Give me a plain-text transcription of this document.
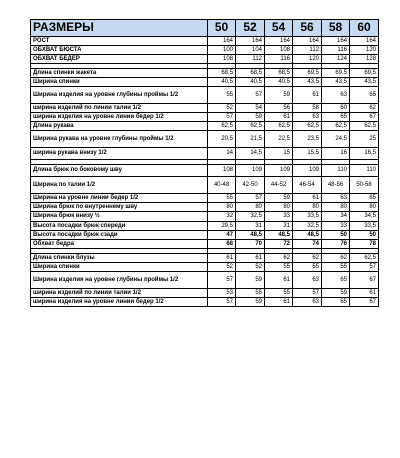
РАЗМЕРЫ	50	52	54	56	58	60
РОСТ	164	164	164	164	164	164
ОБХВАТ БЮСТА	100	104	108	112	116	120
ОБХВАТ БЕДЕР	108	112	116	120	124	128

Длина спинки жакета	68,5	68,5	68,5	69,5	69,5	69,5
Ширина спинки	40,5	40,5	40,5	43,5	43,5	43,5
Ширина изделия на уровне глубины проймы 1/2	55	57	59	61	63	65
ширина изделий по линии талии 1/2	52	54	56	58	60	62
ширина изделия на уровне линии бедер 1/2	57	59	61	63	65	67
Длина рукава	62,5	62,5	62,5	62,5	62,5	62,5
Ширина рукава на уровне глубины проймы 1/2	20,5	21,5	22,5	23,5	24,5	25
ширина рукава внизу 1/2	14	14,5	15	15,5	16	16,5

Длина брюк по боковому шву	108	109	109	109	110	110
Ширина по талии 1/2	40-48	42-50	44-52	46-54	48-56	50-58
Ширина на уровне линии бедер 1/2	55	57	59	61	63	65
Ширина брюк по внутреннему шву	80	80	80	80	80	80
Ширина брюк внизу ½	32	32,5	33	33,5	34	34,5
Высота посадки брюк спереди	29,5	31	31	32,5	33	33,5
Высота посадки брюк сзади	47	48,5	48,5	48,5	50	50
Обхват бедра	68	70	72	74	76	78

Длина спинки блузы	61	61	62	62	62	62,5
Ширина спинки	52	52	55	55	55	57
Ширина изделия на уровне глубины проймы 1/2	57	59	61	63	65	67
ширина изделий по линии талии 1/2	53	55	55	57	59	61
ширина изделия на уровне линии бедер 1/2	57	59	61	63	65	67
